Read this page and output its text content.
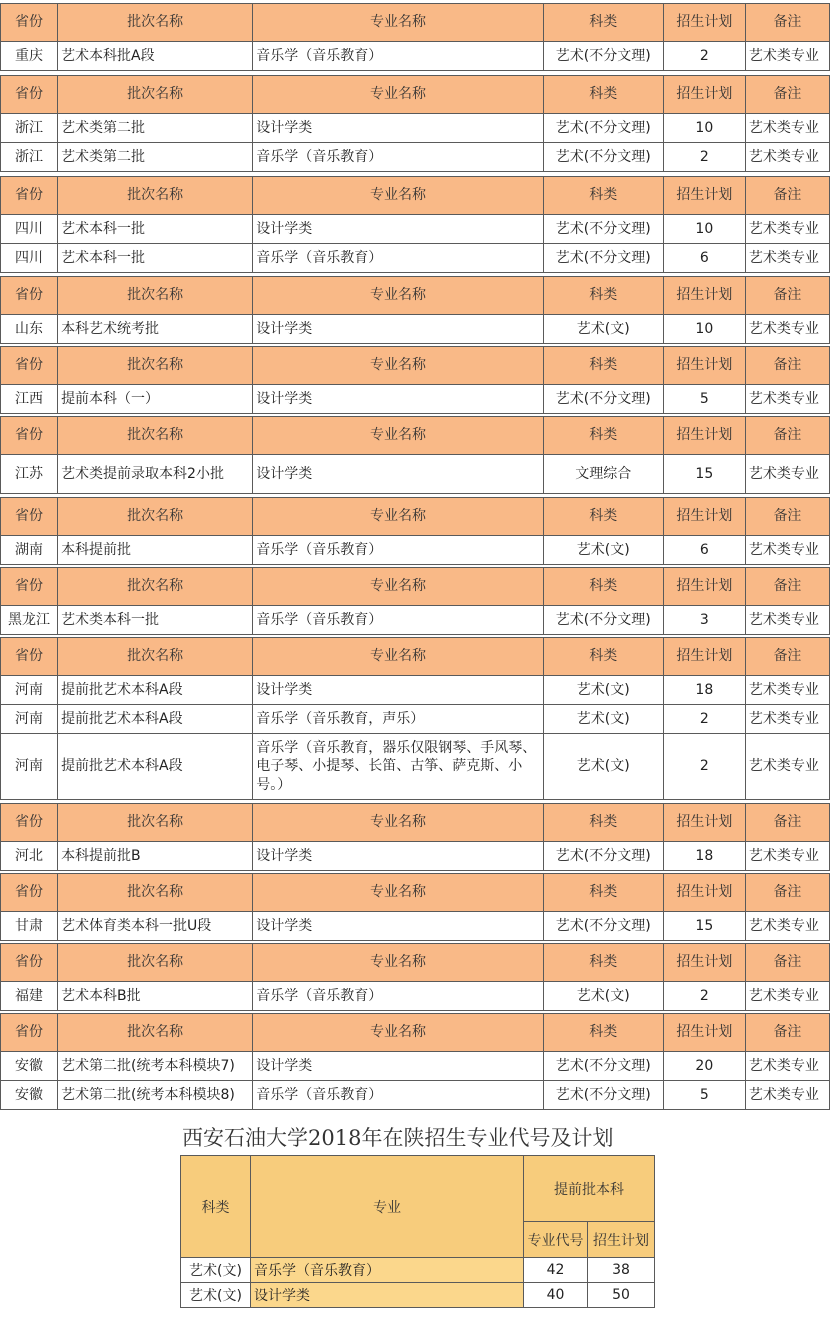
省份	批次名称	专业名称	科类	招生计划	备注
重庆	艺术本科批A段	音乐学（音乐教育）	艺术(不分文理)	2	艺术类专业
省份	批次名称	专业名称	科类	招生计划	备注
浙江	艺术类第二批	设计学类	艺术(不分文理)	10	艺术类专业
浙江	艺术类第二批	音乐学（音乐教育）	艺术(不分文理)	2	艺术类专业
省份	批次名称	专业名称	科类	招生计划	备注
四川	艺术本科一批	设计学类	艺术(不分文理)	10	艺术类专业
四川	艺术本科一批	音乐学（音乐教育）	艺术(不分文理)	6	艺术类专业
省份	批次名称	专业名称	科类	招生计划	备注
山东	本科艺术统考批	设计学类	艺术(文)	10	艺术类专业
省份	批次名称	专业名称	科类	招生计划	备注
江西	提前本科（一）	设计学类	艺术(不分文理)	5	艺术类专业
省份	批次名称	专业名称	科类	招生计划	备注
江苏	艺术类提前录取本科2小批	设计学类	文理综合	15	艺术类专业
省份	批次名称	专业名称	科类	招生计划	备注
湖南	本科提前批	音乐学（音乐教育）	艺术(文)	6	艺术类专业
省份	批次名称	专业名称	科类	招生计划	备注
黑龙江	艺术类本科一批	音乐学（音乐教育）	艺术(不分文理)	3	艺术类专业
省份	批次名称	专业名称	科类	招生计划	备注
河南	提前批艺术本科A段	设计学类	艺术(文)	18	艺术类专业
河南	提前批艺术本科A段	音乐学（音乐教育，声乐）	艺术(文)	2	艺术类专业
河南	提前批艺术本科A段	音乐学（音乐教育，器乐仅限钢琴、手风琴、电子琴、小提琴、长笛、古筝、萨克斯、小号。）	艺术(文)	2	艺术类专业
省份	批次名称	专业名称	科类	招生计划	备注
河北	本科提前批B	设计学类	艺术(不分文理)	18	艺术类专业
省份	批次名称	专业名称	科类	招生计划	备注
甘肃	艺术体育类本科一批U段	设计学类	艺术(不分文理)	15	艺术类专业
省份	批次名称	专业名称	科类	招生计划	备注
福建	艺术本科B批	音乐学（音乐教育）	艺术(文)	2	艺术类专业
省份	批次名称	专业名称	科类	招生计划	备注
安徽	艺术第二批(统考本科模块7)	设计学类	艺术(不分文理)	20	艺术类专业
安徽	艺术第二批(统考本科模块8)	音乐学（音乐教育）	艺术(不分文理)	5	艺术类专业
西安石油大学2018年在陕招生专业代号及计划
科类	专业	提前批本科	
		专业代号	招生计划
艺术(文)	音乐学（音乐教育）	42	38
艺术(文)	设计学类	40	50
